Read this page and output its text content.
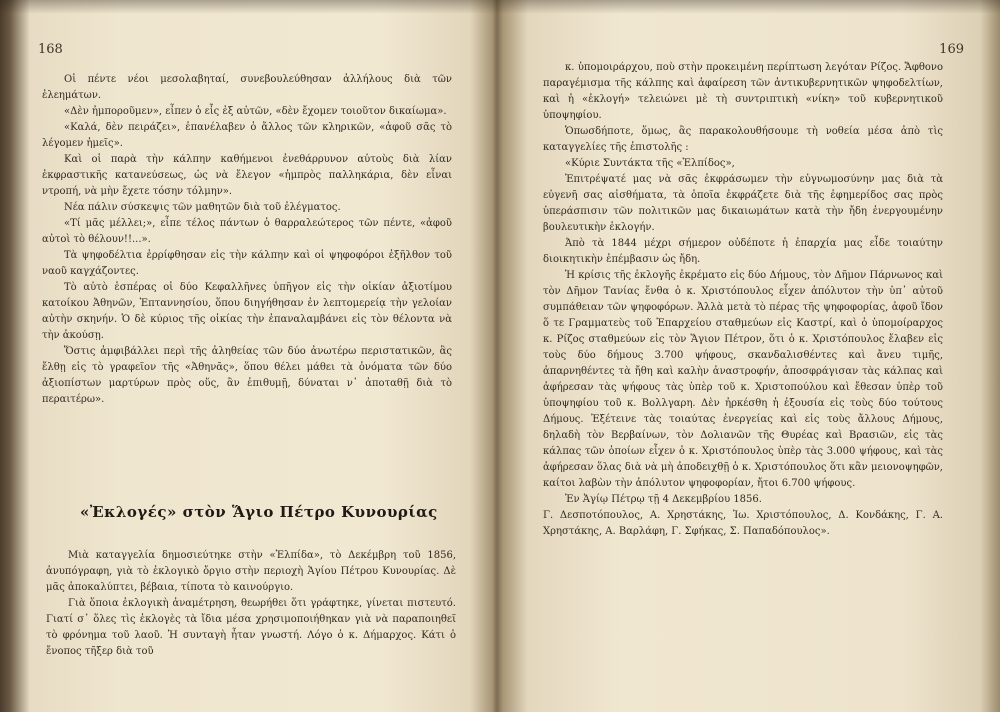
168

Οἱ πέντε νέοι μεσολαβηταί, συνεβουλεύθησαν ἀλλήλους διὰ τῶν ἐλεημάτων.

«Δὲν ἠμποροῦμεν», εἶπεν ὁ εἷς ἐξ αὐτῶν, «δὲν ἔχομεν τοιοῦτον δικαίωμα».

«Καλά, δὲν πειράζει», ἐπανέλαβεν ὁ ἄλλος τῶν κληρικῶν, «ἀφοῦ σᾶς τὸ λέγομεν ἡμεῖς».

Καὶ οἱ παρὰ τὴν κάλπην καθήμενοι ἐνεθάρρυνον αὐτοὺς διὰ λίαν ἐκφραστικῆς κατανεύσεως, ὡς νὰ ἔλεγον «ἡμπρὸς παλληκάρια, δὲν εἶναι ντροπή, νὰ μὴν ἔχετε τόσην τόλμην».

Νέα πάλιν σύσκεψις τῶν μαθητῶν διὰ τοῦ ἐλέγματος.

«Τί μᾶς μέλλει;», εἶπε τέλος πάντων ὁ θαρραλεώτερος τῶν πέντε, «ἀφοῦ αὐτοὶ τὸ θέλουν!!...».

Τὰ ψηφοδέλτια ἐρρίφθησαν εἰς τὴν κάλπην καὶ οἱ ψηφοφόροι ἐξῆλθον τοῦ ναοῦ καγχάζοντες.

Τὸ αὐτὸ ἑσπέρας οἱ δύο Κεφαλλῆνες ὑπῆγον εἰς τὴν οἰκίαν ἀξιοτίμου κατοίκου Ἀθηνῶν, Ἐπταννησίου, ὅπου διηγήθησαν ἐν λεπτομερείᾳ τὴν γελοίαν αὐτὴν σκηνήν. Ὁ δὲ κύριος τῆς οἰκίας τὴν ἐπαναλαμβάνει εἰς τὸν θέλοντα νὰ τὴν ἀκούσῃ.

Ὅστις ἀμφιβάλλει περὶ τῆς ἀληθείας τῶν δύο ἀνωτέρω περιστατικῶν, ἂς ἔλθῃ εἰς τὸ γραφεῖον τῆς «Ἀθηνᾶς», ὅπου θέλει μάθει τὰ ὀνόματα τῶν δύο ἀξιοπίστων μαρτύρων πρὸς οὕς, ἂν ἐπιθυμῇ, δύναται ν᾿ ἀποταθῇ διὰ τὸ περαιτέρω».

«Ἐκλογές» στὸν Ἅγιο Πέτρο Κυνουρίας

Μιὰ καταγγελία δημοσιεύτηκε στὴν «Ἐλπίδα», τὸ Δεκέμβρη τοῦ 1856, ἀνυπόγραφη, γιὰ τὸ ἐκλογικὸ ὄργιο στὴν περιοχὴ Ἁγίου Πέτρου Κυνουρίας. Δὲ μᾶς ἀποκαλύπτει, βέβαια, τίποτα τὸ καινούργιο.

Γιὰ ὅποια ἐκλογικὴ ἀναμέτρηση, θεωρήθει ὅτι γράφτηκε, γίνεται πιστευτό. Γιατί σ᾿ ὅλες τὶς ἐκλογὲς τὰ ἴδια μέσα χρησιμοποιήθηκαν γιὰ νὰ παραποιηθεῖ τὸ φρόνημα τοῦ λαοῦ. Ἡ συνταγὴ ἦταν γνωστή. Λόγο ὁ κ. Δήμαρχος. Κάτι ὁ ἔνοπος τῆξερ διὰ τοῦ

169

κ. ὑπομοιράρχου, ποὺ στὴν προκειμένη περίπτωση λεγόταν Ρίζος. Ἄφθονο παραγέμισμα τῆς κάλπης καὶ ἀφαίρεση τῶν ἀντικυβερνητικῶν ψηφοδελτίων, καὶ ἡ «ἐκλογή» τελειώνει μὲ τὴ συντριπτικὴ «νίκη» τοῦ κυβερνητικοῦ ὑποψηφίου.

Ὁπωσδήποτε, ὅμως, ἂς παρακολουθήσουμε τὴ νοθεία μέσα ἀπὸ τὶς καταγγελίες τῆς ἐπιστολῆς :

«Κύριε Συντάκτα τῆς «Ἐλπίδος»,

Ἐπιτρέψατέ μας νὰ σᾶς ἐκφράσωμεν τὴν εὐγνωμοσύνην μας διὰ τὰ εὐγενῆ σας αἰσθήματα, τὰ ὁποῖα ἐκφράζετε διὰ τῆς ἐφημερίδος σας πρὸς ὑπεράσπισιν τῶν πολιτικῶν μας δικαιωμάτων κατὰ τὴν ἤδη ἐνεργουμένην βουλευτικὴν ἐκλογήν.

Ἀπὸ τὰ 1844 μέχρι σήμερον οὐδέποτε ἡ ἐπαρχία μας εἶδε τοιαύτην διοικητικὴν ἐπέμβασιν ὡς ἤδη.

Ἡ κρίσις τῆς ἐκλογῆς ἐκρέματο εἰς δύο Δήμους, τὸν Δῆμον Πάρνωνος καὶ τὸν Δῆμον Τανίας ἔνθα ὁ κ. Χριστόπουλος εἶχεν ἀπόλυτον τὴν ὑπ᾿ αὐτοῦ συμπάθειαν τῶν ψηφοφόρων. Ἀλλὰ μετὰ τὸ πέρας τῆς ψηφοφορίας, ἀφοῦ ἴδον ὅ τε Γραμματεὺς τοῦ Ἐπαρχείου σταθμεύων εἰς Καστρί, καὶ ὁ ὑπομοίραρχος κ. Ρίζος σταθμεύων εἰς τὸν Ἅγιον Πέτρον, ὅτι ὁ κ. Χριστόπουλος ἔλαβεν εἰς τοὺς δύο δήμους 3.700 ψήφους, σκανδαλισθέντες καὶ ἄνευ τιμῆς, ἀπαρνηθέντες τὰ ἤθη καὶ καλὴν ἀναστροφήν, ἀποσφράγισαν τὰς κάλπας καὶ ἀφήρεσαν τὰς ψήφους τὰς ὑπὲρ τοῦ κ. Χριστοπούλου καὶ ἔθεσαν ὑπὲρ τοῦ ὑποψηφίου τοῦ κ. Βολλγαρη. Δὲν ἠρκέσθη ἡ ἐξουσία εἰς τοὺς δύο τούτους Δήμους. Ἐξέτεινε τὰς τοιαύτας ἐνεργείας καὶ εἰς τοὺς ἄλλους Δήμους, δηλαδὴ τὸν Βερβαίνων, τὸν Δολιανῶν τῆς Θυρέας καὶ Βρασιῶν, εἰς τὰς κάλπας τῶν ὁποίων εἶχεν ὁ κ. Χριστόπουλος ὑπὲρ τὰς 3.000 ψήφους, καὶ τὰς ἀφήρεσαν ὅλας διὰ νὰ μὴ ἀποδειχθῇ ὁ κ. Χριστόπουλος ὅτι κἂν μειονοψηφῶν, καίτοι λαβὼν τὴν ἀπόλυτον ψηφοφορίαν, ἤτοι 6.700 ψήφους.

Ἐν Ἁγίῳ Πέτρῳ τῇ 4 Δεκεμβρίου 1856.

Γ. Δεσποτόπουλος, Α. Χρηστάκης, Ἰω. Χριστόπουλος, Δ. Κονδάκης, Γ. Α. Χρηστάκης, Α. Βαρλάφη, Γ. Σφήκας, Σ. Παπαδόπουλος».
